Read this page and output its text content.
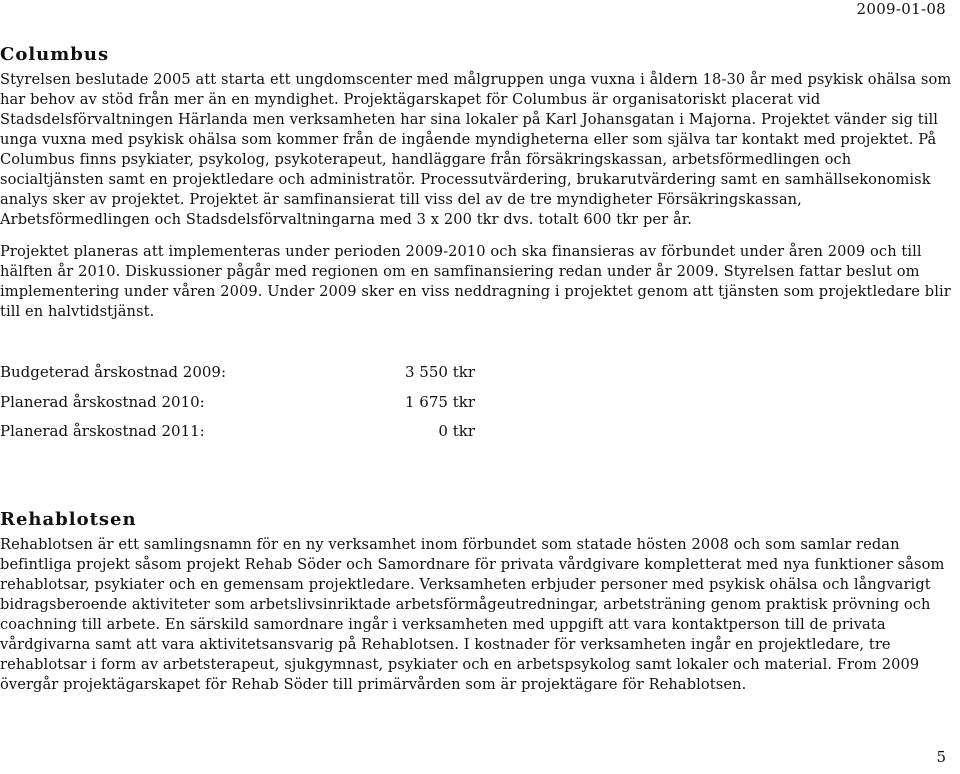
2009-01-08
Columbus

Styrelsen beslutade 2005 att starta ett ungdomscenter med målgruppen unga vuxna i åldern 18-30 år med psykisk ohälsa som har behov av stöd från mer än en myndighet. Projektägarskapet för Columbus är organisatoriskt placerat vid Stadsdelsförvaltningen Härlanda men verksamheten har sina lokaler på Karl Johansgatan i Majorna. Projektet vänder sig till unga vuxna med psykisk ohälsa som kommer från de ingående myndigheterna eller som själva tar kontakt med projektet. På Columbus finns psykiater, psykolog, psykoterapeut, handläggare från försäkringskassan, arbetsförmedlingen och socialtjänsten samt en projektledare och administratör. Processutvärdering, brukarutvärdering samt en samhällsekonomisk analys sker av projektet. Projektet är samfinansierat till viss del av de tre myndigheter Försäkringskassan, Arbetsförmedlingen och Stadsdelsförvaltningarna med 3 x 200 tkr dvs. totalt 600 tkr per år.

Projektet planeras att implementeras under perioden 2009-2010 och ska finansieras av förbundet under åren 2009 och till hälften år 2010. Diskussioner pågår med regionen om en samfinansiering redan under år 2009. Styrelsen fattar beslut om implementering under våren 2009. Under 2009 sker en viss neddragning i projektet genom att tjänsten som projektledare blir till en halvtidstjänst.

Budgeterad årskostnad 2009:	3 550 tkr
Planerad årskostnad 2010:	1 675 tkr
Planerad årskostnad 2011:	0 tkr
Rehablotsen

Rehablotsen är ett samlingsnamn för en ny verksamhet inom förbundet som statade hösten 2008 och som samlar redan befintliga projekt såsom projekt Rehab Söder och Samordnare för privata vårdgivare kompletterat med nya funktioner såsom rehablotsar, psykiater och en gemensam projektledare. Verksamheten erbjuder personer med psykisk ohälsa och långvarigt bidragsberoende aktiviteter som arbetslivsinriktade arbetsförmågeutredningar, arbetsträning genom praktisk prövning och coachning till arbete. En särskild samordnare ingår i verksamheten med uppgift att vara kontaktperson till de privata vårdgivarna samt att vara aktivitetsansvarig på Rehablotsen. I kostnader för verksamheten ingår en projektledare, tre rehablotsar i form av arbetsterapeut, sjukgymnast, psykiater och en arbetspsykolog samt lokaler och material. From 2009 övergår projektägarskapet för Rehab Söder till primärvården som är projektägare för Rehablotsen.

5
